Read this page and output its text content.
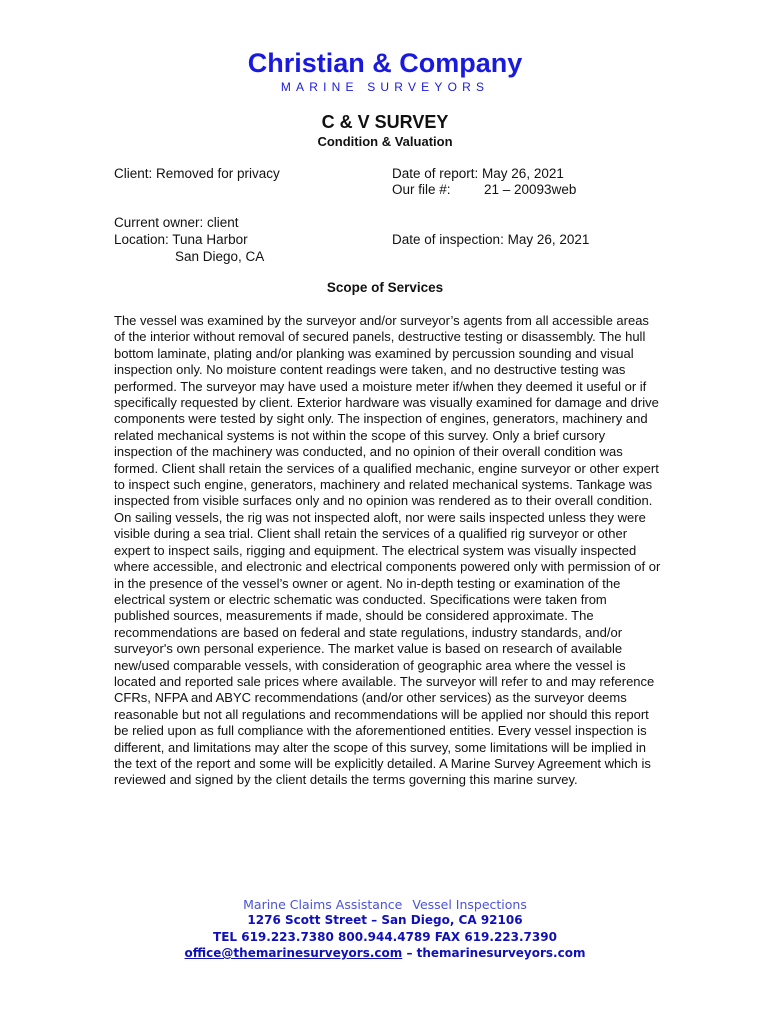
Christian & Company
MARINE SURVEYORS
C & V SURVEY
Condition & Valuation
Client: Removed for privacy	Date of report: May 26, 2021
Our file #: 21 – 20093web
Current owner: client
Location: Tuna Harbor	Date of inspection: May 26, 2021
San Diego, CA
Scope of Services

The vessel was examined by the surveyor and/or surveyor’s agents from all accessible areas of the interior without removal of secured panels, destructive testing or disassembly. The hull bottom laminate, plating and/or planking was examined by percussion sounding and visual inspection only. No moisture content readings were taken, and no destructive testing was performed. The surveyor may have used a moisture meter if/when they deemed it useful or if specifically requested by client. Exterior hardware was visually examined for damage and drive components were tested by sight only. The inspection of engines, generators, machinery and related mechanical systems is not within the scope of this survey. Only a brief cursory inspection of the machinery was conducted, and no opinion of their overall condition was formed. Client shall retain the services of a qualified mechanic, engine surveyor or other expert to inspect such engine, generators, machinery and related mechanical systems. Tankage was inspected from visible surfaces only and no opinion was rendered as to their overall condition. On sailing vessels, the rig was not inspected aloft, nor were sails inspected unless they were visible during a sea trial. Client shall retain the services of a qualified rig surveyor or other expert to inspect sails, rigging and equipment. The electrical system was visually inspected where accessible, and electronic and electrical components powered only with permission of or in the presence of the vessel’s owner or agent. No in-depth testing or examination of the electrical system or electric schematic was conducted. Specifications were taken from published sources, measurements if made, should be considered approximate. The recommendations are based on federal and state regulations, industry standards, and/or surveyor's own personal experience. The market value is based on research of available new/used comparable vessels, with consideration of geographic area where the vessel is located and reported sale prices where available. The surveyor will refer to and may reference CFRs, NFPA and ABYC recommendations (and/or other services) as the surveyor deems reasonable but not all regulations and recommendations will be applied nor should this report be relied upon as full compliance with the aforementioned entities. Every vessel inspection is different, and limitations may alter the scope of this survey, some limitations will be implied in the text of the report and some will be explicitly detailed. A Marine Survey Agreement which is reviewed and signed by the client details the terms governing this marine survey.

Marine Claims Assistance Vessel Inspections
1276 Scott Street – San Diego, CA 92106
TEL 619.223.7380 800.944.4789 FAX 619.223.7390
office@themarinesurveyors.com – themarinesurveyors.com
